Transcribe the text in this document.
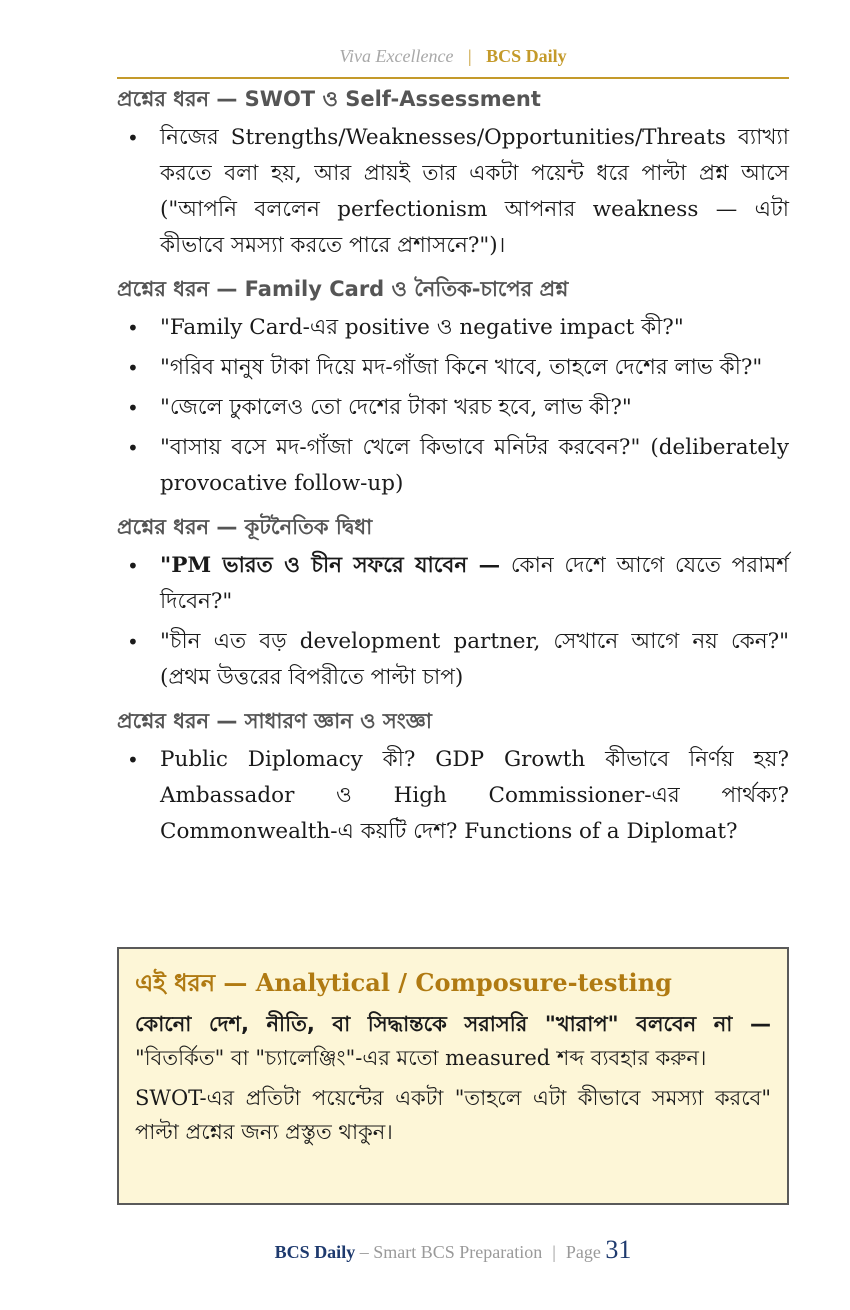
Viva Excellence | BCS Daily
প্রশ্নের ধরন — SWOT ও Self-Assessment
• নিজের Strengths/Weaknesses/Opportunities/Threats ব্যাখ্যা করতে বলা হয়, আর প্রায়ই তার একটা পয়েন্ট ধরে পাল্টা প্রশ্ন আসে ("আপনি বললেন perfectionism আপনার weakness — এটা কীভাবে সমস্যা করতে পারে প্রশাসনে?")।
প্রশ্নের ধরন — Family Card ও নৈতিক-চাপের প্রশ্ন
• "Family Card-এর positive ও negative impact কী?"
• "গরিব মানুষ টাকা দিয়ে মদ-গাঁজা কিনে খাবে, তাহলে দেশের লাভ কী?"
• "জেলে ঢুকালেও তো দেশের টাকা খরচ হবে, লাভ কী?"
• "বাসায় বসে মদ-গাঁজা খেলে কিভাবে মনিটর করবেন?" (deliberately provocative follow-up)
প্রশ্নের ধরন — কূটনৈতিক দ্বিধা
• "PM ভারত ও চীন সফরে যাবেন — কোন দেশে আগে যেতে পরামর্শ দিবেন?"
• "চীন এত বড় development partner, সেখানে আগে নয় কেন?" (প্রথম উত্তরের বিপরীতে পাল্টা চাপ)
প্রশ্নের ধরন — সাধারণ জ্ঞান ও সংজ্ঞা
• Public Diplomacy কী? GDP Growth কীভাবে নির্ণয় হয়? Ambassador ও High Commissioner-এর পার্থক্য? Commonwealth-এ কয়টি দেশ? Functions of a Diplomat?
এই ধরন — Analytical / Composure-testing

কোনো দেশ, নীতি, বা সিদ্ধান্তকে সরাসরি "খারাপ" বলবেন না — "বিতর্কিত" বা "চ্যালেঞ্জিং"-এর মতো measured শব্দ ব্যবহার করুন।

SWOT-এর প্রতিটা পয়েন্টের একটা "তাহলে এটা কীভাবে সমস্যা করবে" পাল্টা প্রশ্নের জন্য প্রস্তুত থাকুন।

BCS Daily – Smart BCS Preparation | Page 31
